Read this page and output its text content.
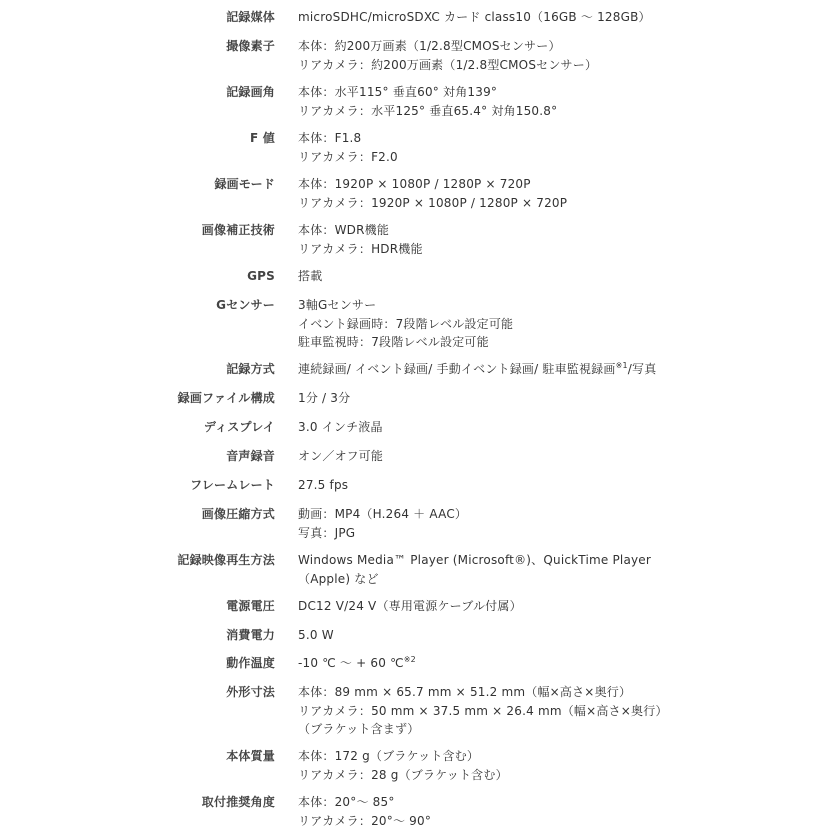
記録媒体 microSDHC/microSDXC カード class10（16GB 〜 128GB）
撮像素子 本体：約200万画素（1/2.8型CMOSセンサー）
リアカメラ：約200万画素（1/2.8型CMOSセンサー）
記録画角 本体：水平115° 垂直60° 対角139°
リアカメラ：水平125° 垂直65.4° 対角150.8°
F 値 本体：F1.8
リアカメラ：F2.0
録画モード 本体：1920P × 1080P / 1280P × 720P
リアカメラ：1920P × 1080P / 1280P × 720P
画像補正技術 本体：WDR機能
リアカメラ：HDR機能
GPS 搭載
Gセンサー 3軸Gセンサー
イベント録画時：7段階レベル設定可能
駐車監視時：7段階レベル設定可能
記録方式 連続録画/ イベント録画/ 手動イベント録画/ 駐車監視録画$^{※1}$/写真
録画ファイル構成 1分 / 3分
ディスプレイ 3.0 インチ液晶
音声録音 オン／オフ可能
フレームレート 27.5 fps
画像圧縮方式 動画：MP4（H.264 ＋ AAC）
写真：JPG
記録映像再生方法 Windows Media™ Player (Microsoft®)、QuickTime Player
（Apple) など
電源電圧 DC12 V/24 V（専用電源ケーブル付属）
消費電力 5.0 W
動作温度 -10 ℃ 〜 + 60 ℃$^{※2}$
外形寸法 本体：89 mm × 65.7 mm × 51.2 mm（幅×高さ×奥行）
リアカメラ：50 mm × 37.5 mm × 26.4 mm（幅×高さ×奥行）
（ブラケット含まず）
本体質量 本体：172 g（ブラケット含む）
リアカメラ：28 g（ブラケット含む）
取付推奨角度 本体：20°〜 85°
リアカメラ：20°〜 90°
